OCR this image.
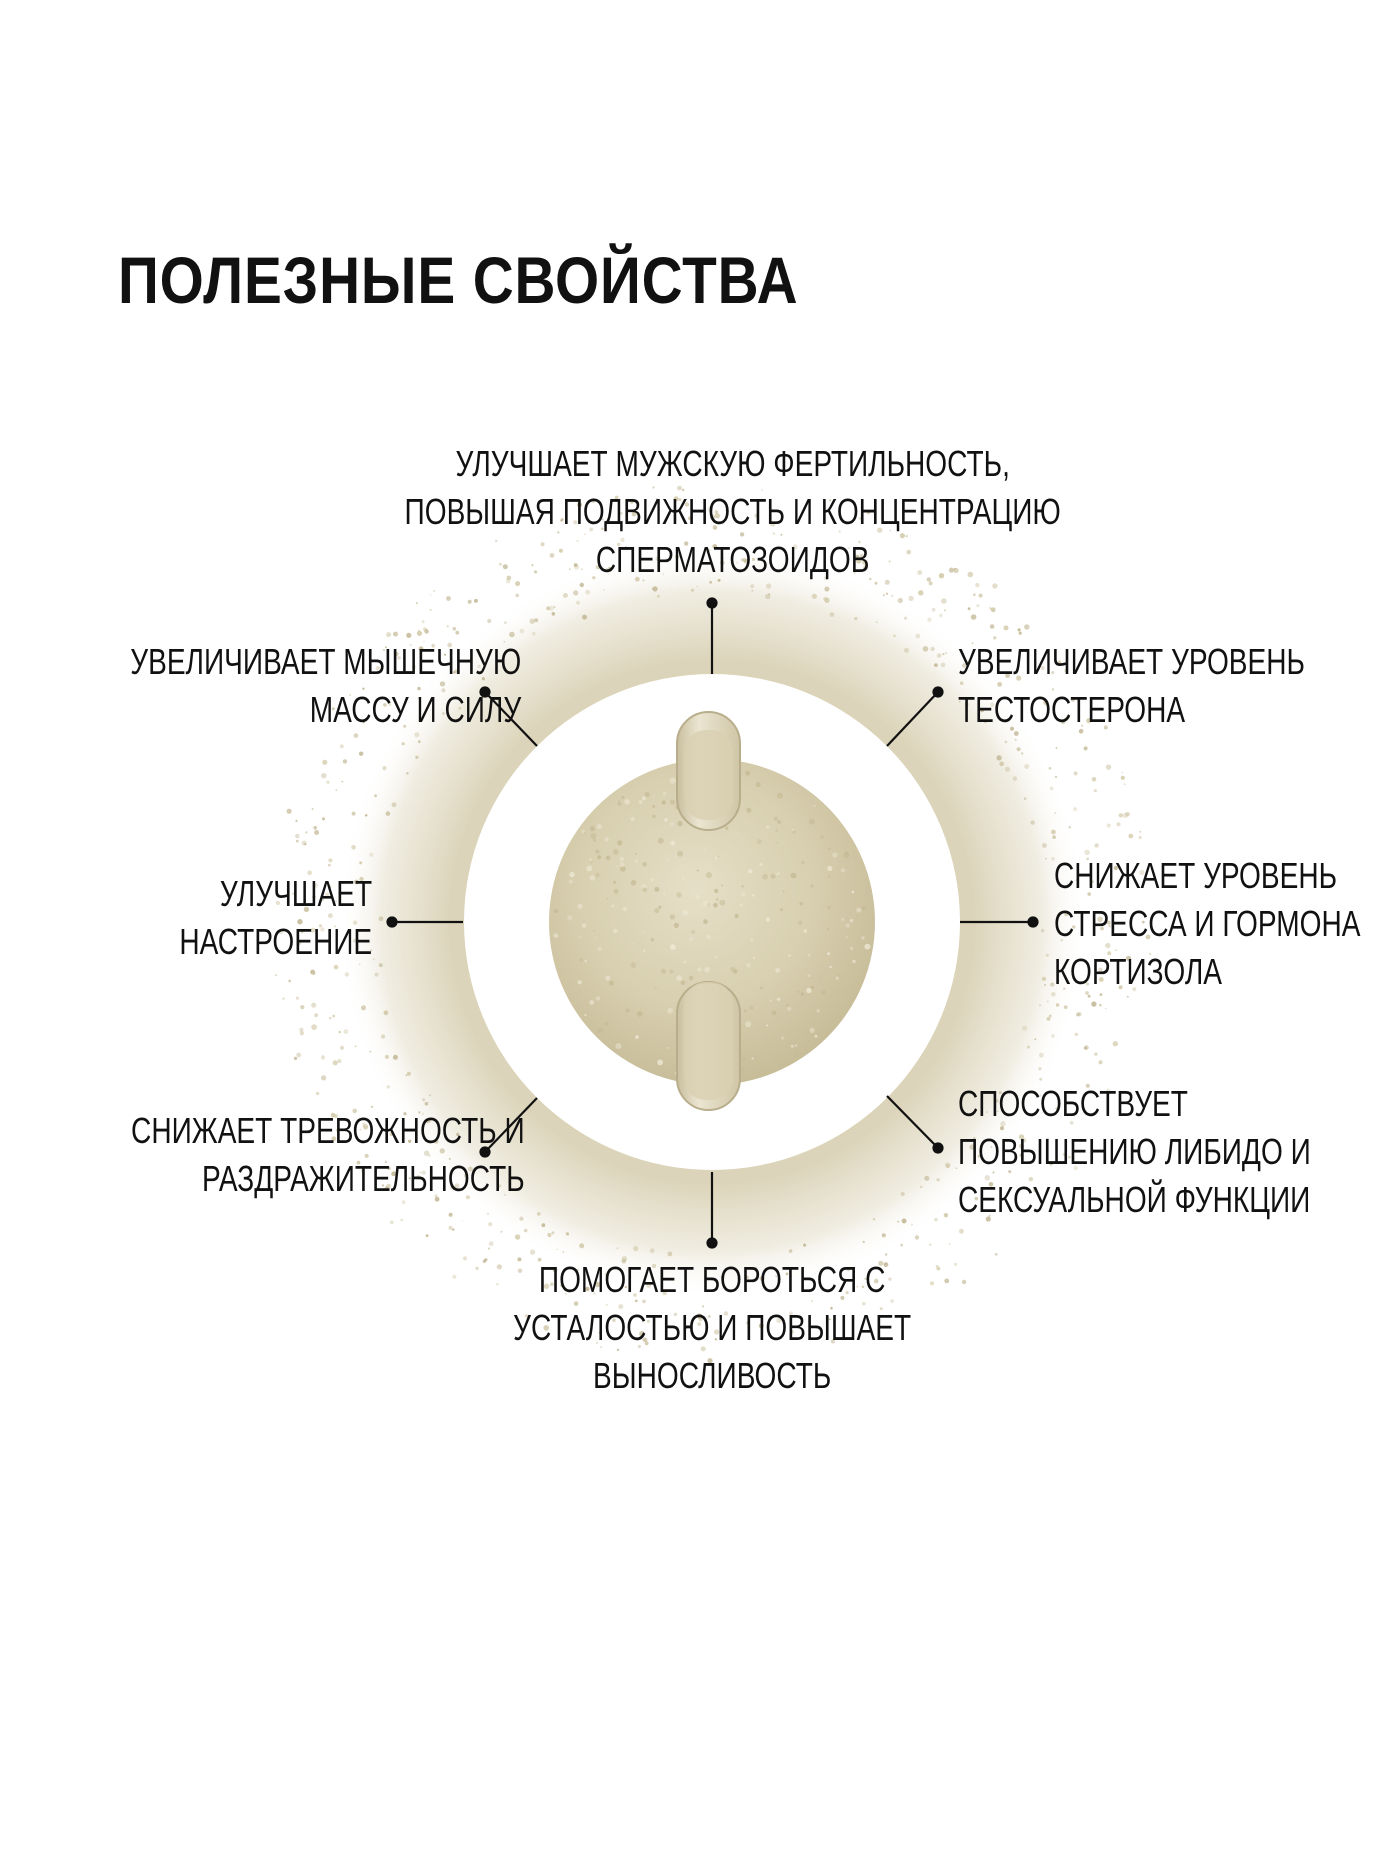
ПОЛЕЗНЫЕ СВОЙСТВА
УЛУЧШАЕТ МУЖСКУЮ ФЕРТИЛЬНОСТЬ,
ПОВЫШАЯ ПОДВИЖНОСТЬ И КОНЦЕНТРАЦИЮ
СПЕРМАТОЗОИДОВ
УВЕЛИЧИВАЕТ УРОВЕНЬ
ТЕСТОСТЕРОНА
СНИЖАЕТ УРОВЕНЬ
СТРЕССА И ГОРМОНА
КОРТИЗОЛА
СПОСОБСТВУЕТ
ПОВЫШЕНИЮ ЛИБИДО И
СЕКСУАЛЬНОЙ ФУНКЦИИ
ПОМОГАЕТ БОРОТЬСЯ С
УСТАЛОСТЬЮ И ПОВЫШАЕТ
ВЫНОСЛИВОСТЬ
СНИЖАЕТ ТРЕВОЖНОСТЬ И
РАЗДРАЖИТЕЛЬНОСТЬ
УЛУЧШАЕТ
НАСТРОЕНИЕ
УВЕЛИЧИВАЕТ МЫШЕЧНУЮ
МАССУ И СИЛУ
